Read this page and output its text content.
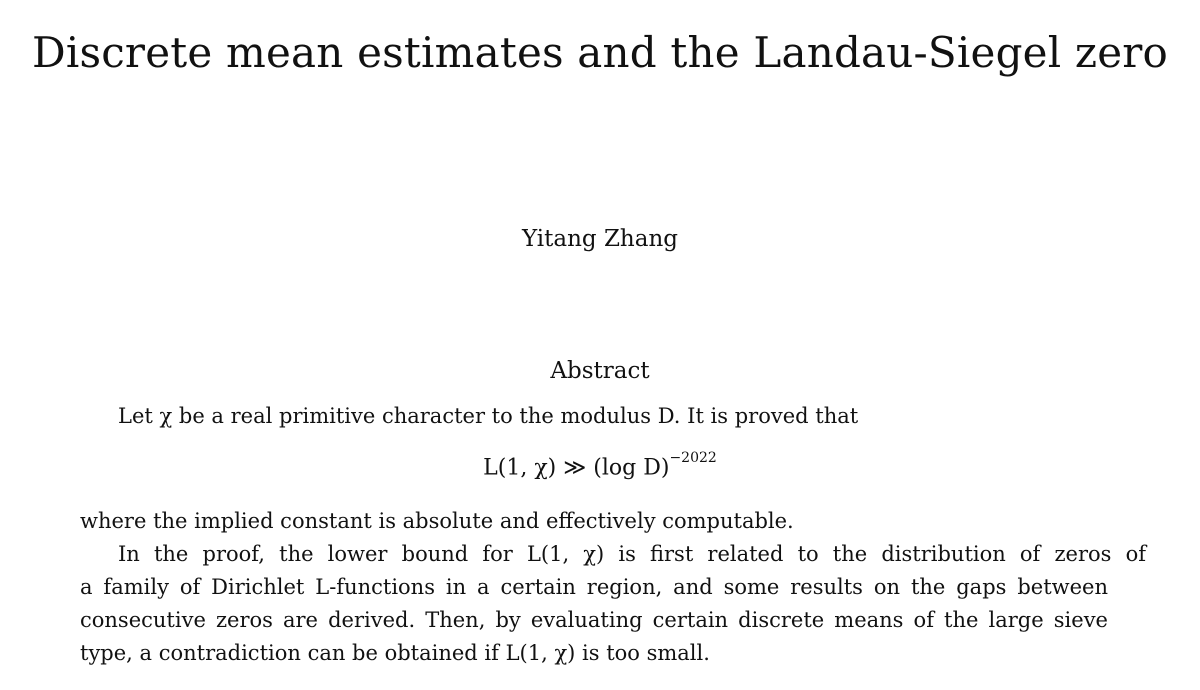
Discrete mean estimates and the Landau-Siegel zero
Yitang Zhang
Abstract
Let χ be a real primitive character to the modulus D. It is proved that
L(1, χ) ≫ (log D)$^{-2022}$
where the implied constant is absolute and effectively computable.
In the proof, the lower bound for L(1, χ) is first related to the distribution of zeros of
a family of Dirichlet L-functions in a certain region, and some results on the gaps between
consecutive zeros are derived. Then, by evaluating certain discrete means of the large sieve
type, a contradiction can be obtained if L(1, χ) is too small.
